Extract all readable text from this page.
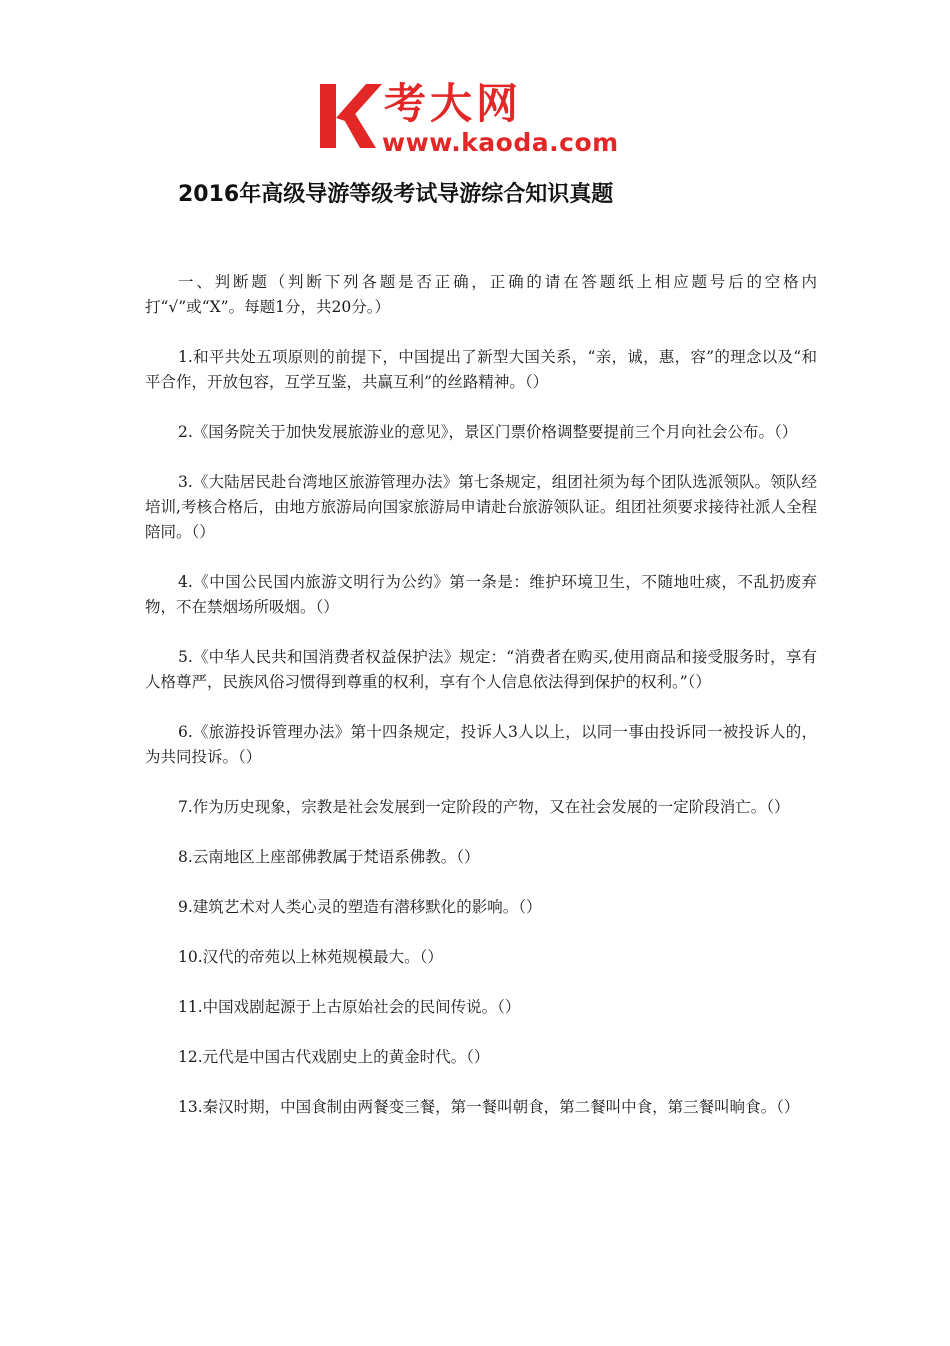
考大网
www.kaoda.com
2016年高级导游等级考试导游综合知识真题

一、判断题（判断下列各题是否正确，正确的请在答题纸上相应题号后的空格内打“√”或“X”。每题1分，共20分。）

1.和平共处五项原则的前提下，中国提出了新型大国关系，“亲，诚，惠，容”的理念以及“和平合作，开放包容，互学互鉴，共赢互利”的丝路精神。（）

2.《国务院关于加快发展旅游业的意见》，景区门票价格调整要提前三个月向社会公布。（）

3.《大陆居民赴台湾地区旅游管理办法》第七条规定，组团社须为每个团队选派领队。领队经培训,考核合格后，由地方旅游局向国家旅游局申请赴台旅游领队证。组团社须要求接待社派人全程陪同。（）

4.《中国公民国内旅游文明行为公约》第一条是：维护环境卫生，不随地吐痰，不乱扔废弃物，不在禁烟场所吸烟。（）

5.《中华人民共和国消费者权益保护法》规定：“消费者在购买,使用商品和接受服务时，享有人格尊严，民族风俗习惯得到尊重的权利，享有个人信息依法得到保护的权利。”（）

6.《旅游投诉管理办法》第十四条规定，投诉人3人以上，以同一事由投诉同一被投诉人的，为共同投诉。（）

7.作为历史现象，宗教是社会发展到一定阶段的产物，又在社会发展的一定阶段消亡。（）

8.云南地区上座部佛教属于梵语系佛教。（）

9.建筑艺术对人类心灵的塑造有潜移默化的影响。（）

10.汉代的帝苑以上林苑规模最大。（）

11.中国戏剧起源于上古原始社会的民间传说。（）

12.元代是中国古代戏剧史上的黄金时代。（）

13.秦汉时期，中国食制由两餐变三餐，第一餐叫朝食，第二餐叫中食，第三餐叫晌食。（）
